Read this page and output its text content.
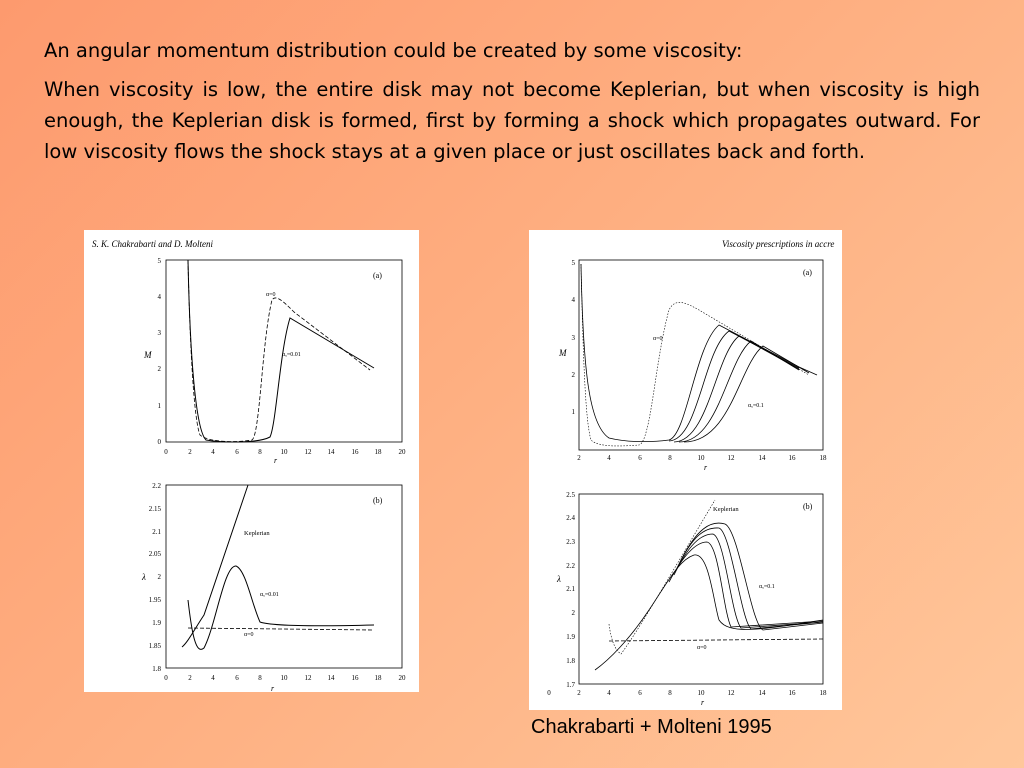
An angular momentum distribution could be created by some viscosity:

When viscosity is low, the entire disk may not become Keplerian, but when viscosity is high enough, the Keplerian disk is formed, first by forming a shock which propagates outward. For low viscosity flows the shock stays at a given place or just oscillates back and forth.

S. K. Chakrabarti and D. Molteni
(a)
M
r
0	2	4	6	8	10 12 14 16 18 20
0
1
2
3
4
5
α=0
αₓ=0.01
(b)
λ
r
0	2	4	6	8	10 12 14 16 18 20
1.8
1.85
1.9
1.95
2
2.05
2.1
2.15
2.2
Keplerian
αₓ=0.01
α=0
Viscosity prescriptions in accre
(a)
M
r
2	4	6	8	10	12	14	16	18
1
2
3
4
5
α=0
αₓ=0.1
(b)
λ
r
0	2	4	6	8	10	12	14	16	18
1.7
1.8
1.9
2
2.1
2.2
2.3
2.4
2.5
Keplerian
αₓ=0.1
α=0
Chakrabarti + Molteni 1995
